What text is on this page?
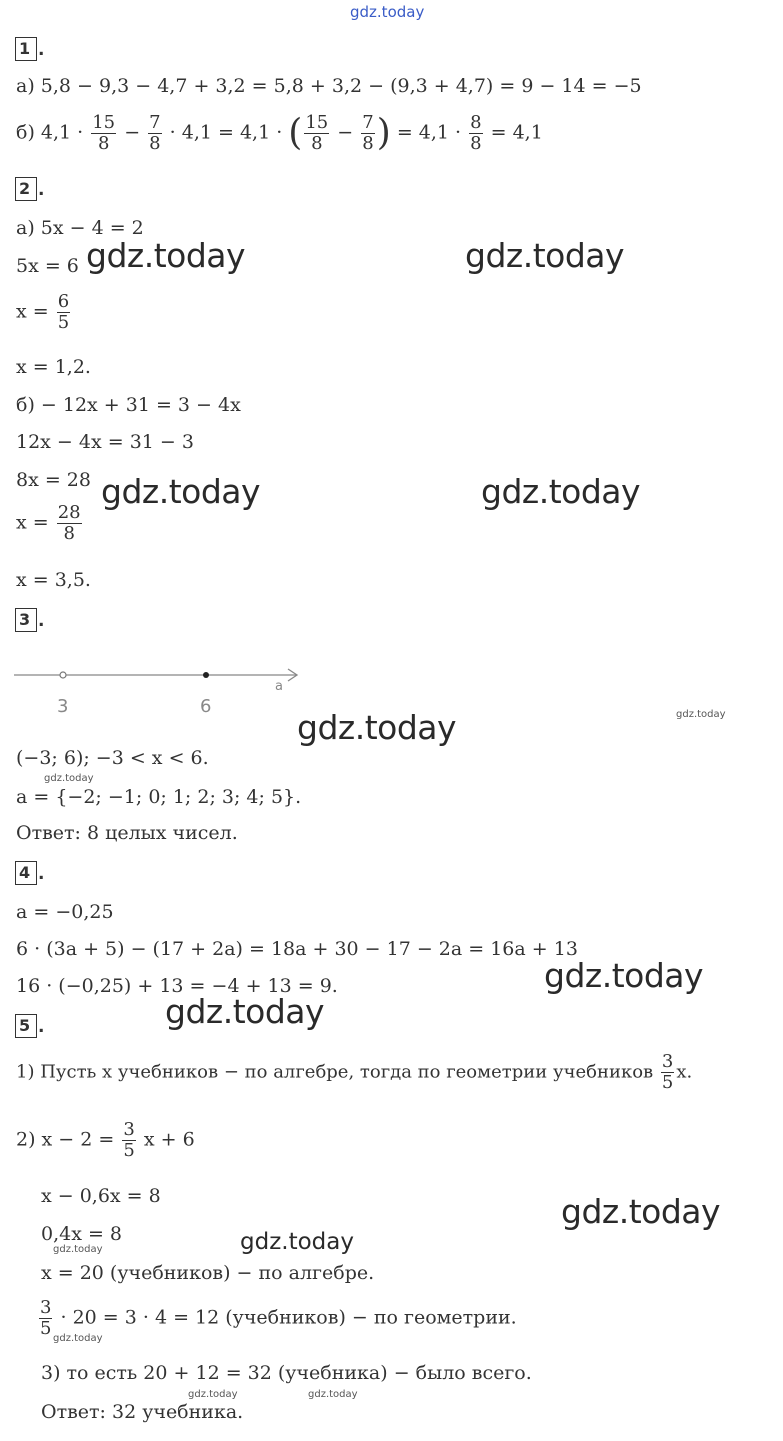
gdz.today
1 .
а) 5,8 − 9,3 − 4,7 + 3,2 = 5,8 + 3,2 − (9,3 + 4,7) = 9 − 14 = −5
б) $4,1 \cdot \frac{15}{8} - \frac{7}{8} \cdot 4,1 = 4,1$ · ( $\frac{15}{8} - \frac{7}{8}$ ) = $4,1 \cdot \frac{8}{8} = 4,1$
2 .
а) 5x − 4 = 2
5x = 6
$x = \frac{6}{5}$
x = 1,2.
б) − 12x + 31 = 3 − 4x
12x − 4x = 31 − 3
8x = 28
$x = \frac{28}{8}$
x = 3,5.
3 .
a
3	6
(−3; 6); −3 < x < 6.
a = {−2; −1; 0; 1; 2; 3; 4; 5}.
Ответ: 8 целых чисел.
4 .
a = −0,25
6 · (3a + 5) − (17 + 2a) = 18a + 30 − 17 − 2a = 16a + 13
16 · (−0,25) + 13 = −4 + 13 = 9.
5 .
1) Пусть x учебников − по алгебре, тогда по геометрии учебников $\frac{3}{5} x$.
2) $x - 2 = \frac{3}{5}$ x + 6
x − 0,6x = 8
0,4x = 8
x = 20 (учебников) − по алгебре.
$\frac{3}{5} \cdot 20 = 3 \cdot 4 = 12$ (учебников) − по геометрии.
3) то есть 20 + 12 = 32 (учебника) − было всего.
Ответ: 32 учебника.
gdz.today	gdz.today
gdz.today	gdz.today
gdz.today
gdz.today
gdz.today
gdz.today
gdz.today
gdz.today
gdz.today
gdz.today
gdz.today
gdz.today	gdz.today
